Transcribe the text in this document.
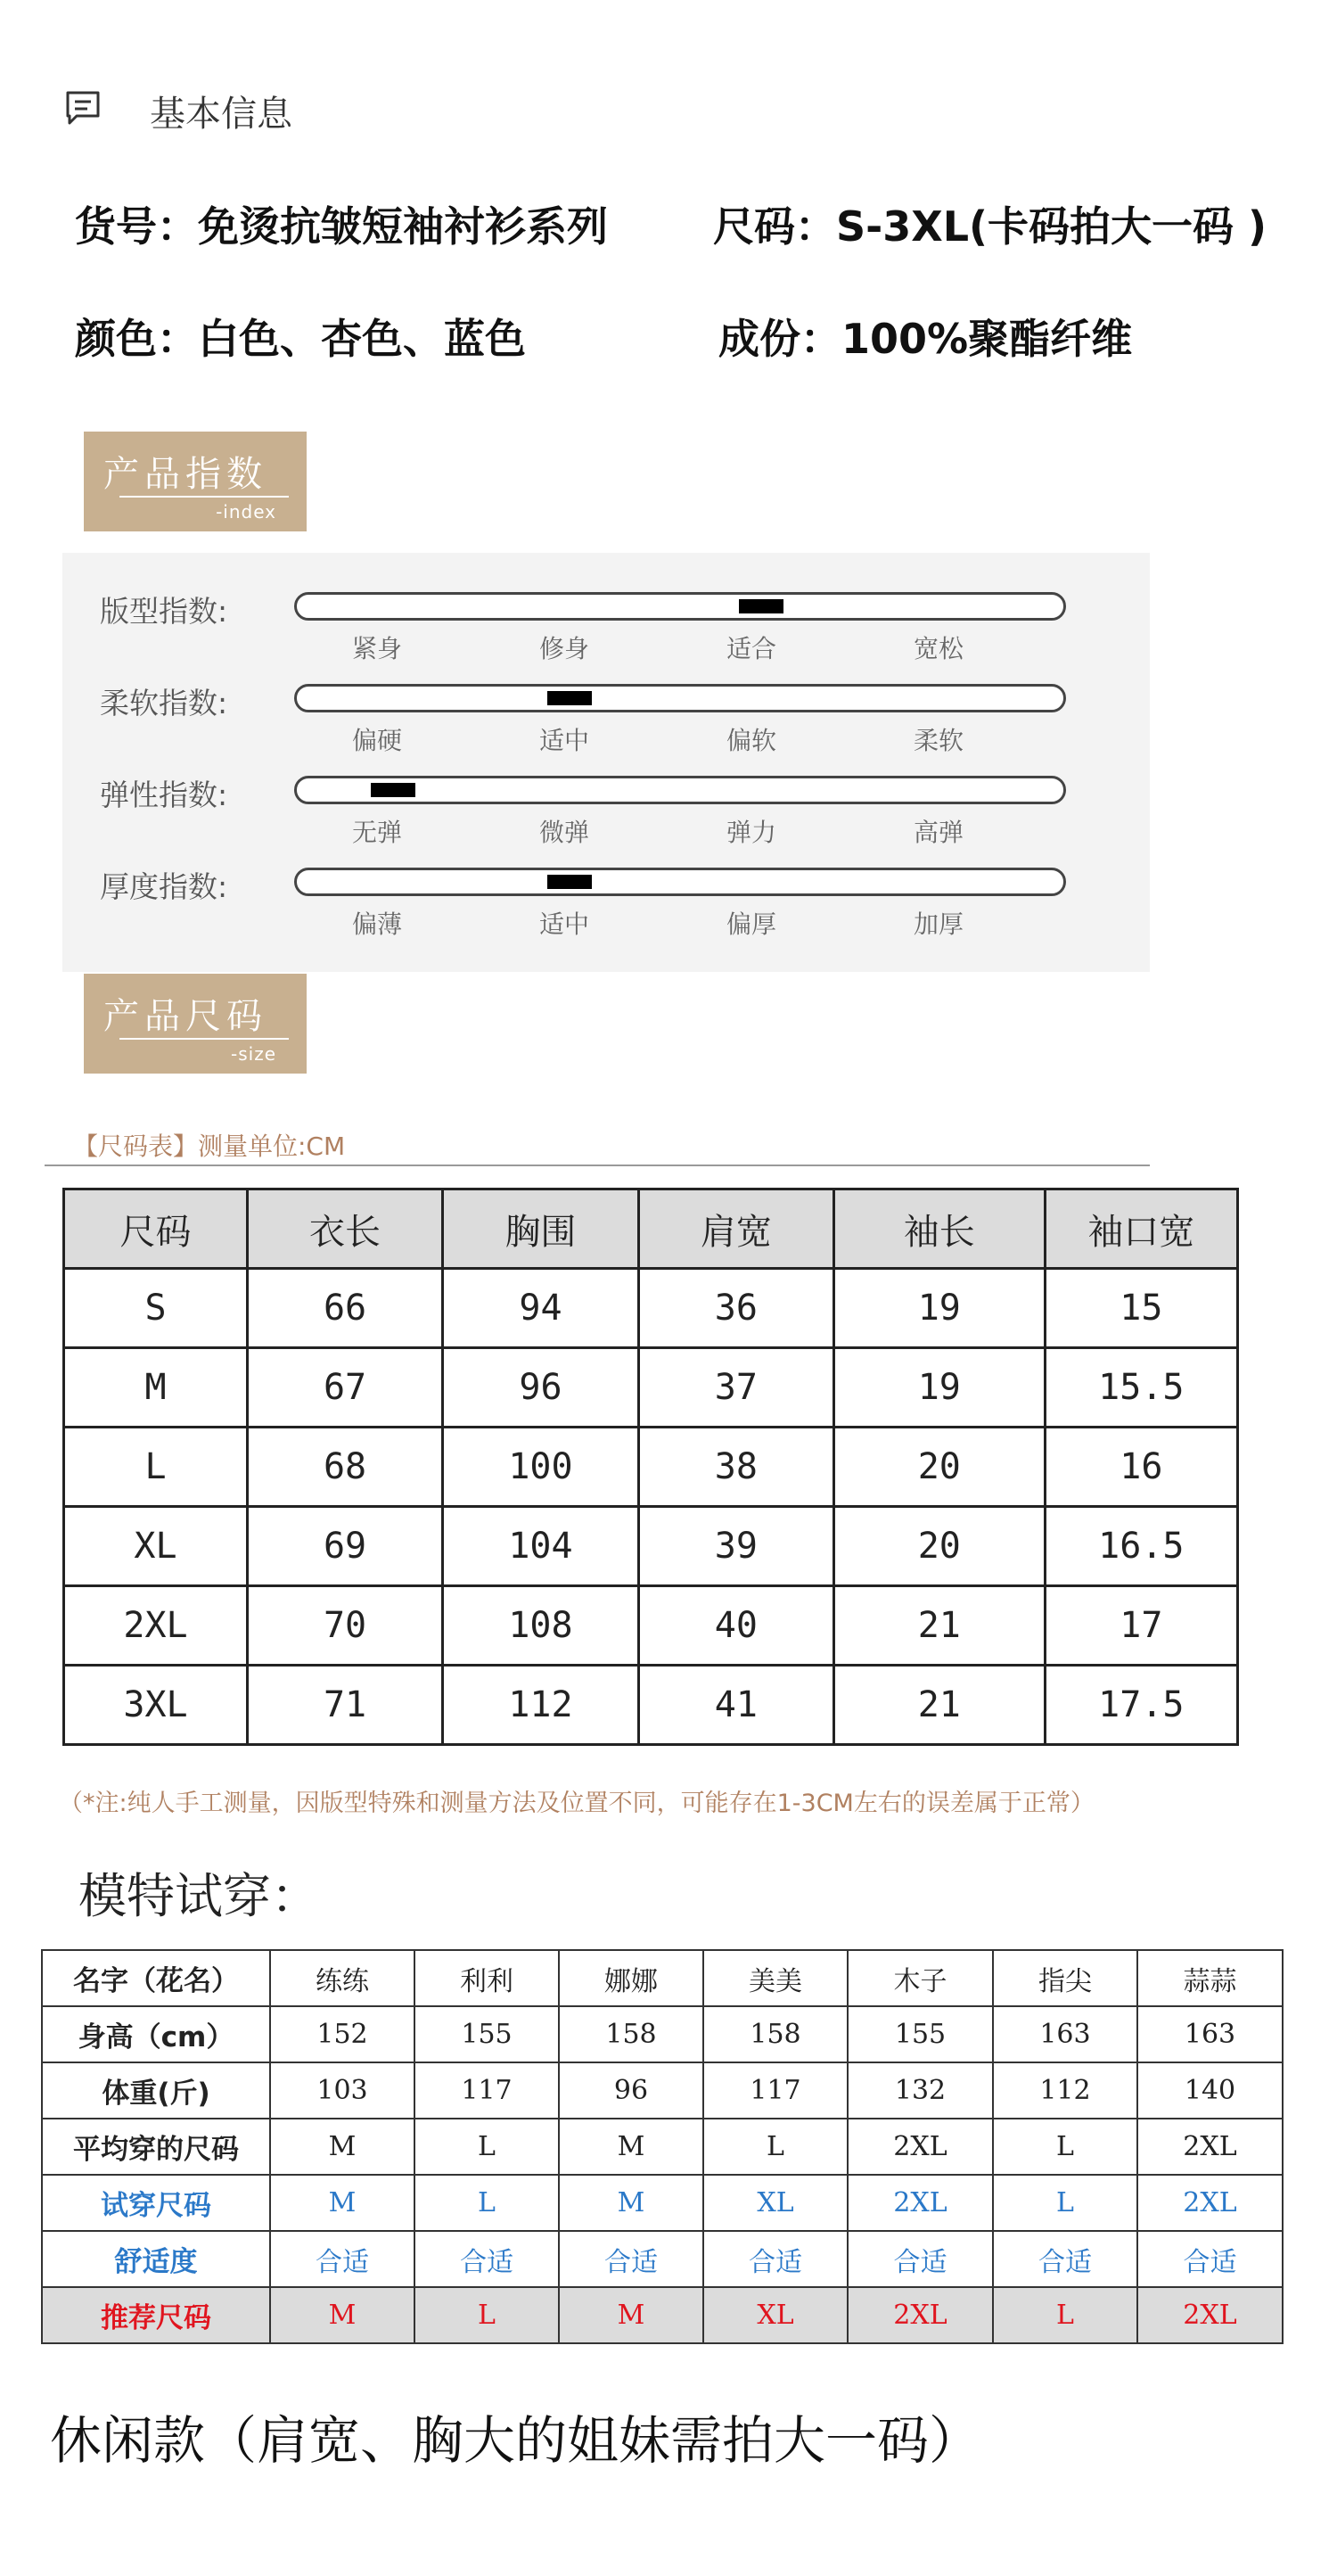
基本信息
货号：免烫抗皱短袖衬衫系列	尺码：S-3XL(卡码拍大一码 )
颜色：白色、杏色、蓝色	成份：100%聚酯纤维
产品指数
-index
版型指数:
紧身	修身	适合	宽松
柔软指数:
偏硬	适中	偏软	柔软
弹性指数:
无弹	微弹	弹力	高弹
厚度指数:
偏薄	适中	偏厚	加厚
产品尺码
-size
【尺码表】测量单位:CM
尺码	衣长	胸围	肩宽	袖长	袖口宽
S	66	94	36	19	15
M	67	96	37	19	15.5
L	68	100	38	20	16
XL	69	104	39	20	16.5
2XL	70	108	40	21	17
3XL	71	112	41	21	17.5
（*注:纯人手工测量，因版型特殊和测量方法及位置不同，可能存在1-3CM左右的误差属于正常）
模特试穿：
名字（花名）	练练	利利	娜娜	美美	木子	指尖	蒜蒜
身高（cm）	152	155	158	158	155	163	163
体重(斤)	103	117	96	117	132	112	140
平均穿的尺码	M	L	M	L	2XL	L	2XL
试穿尺码	M	L	M	XL	2XL	L	2XL
舒适度	合适	合适	合适	合适	合适	合适	合适
推荐尺码	M	L	M	XL	2XL	L	2XL
休闲款（肩宽、胸大的姐妹需拍大一码）
